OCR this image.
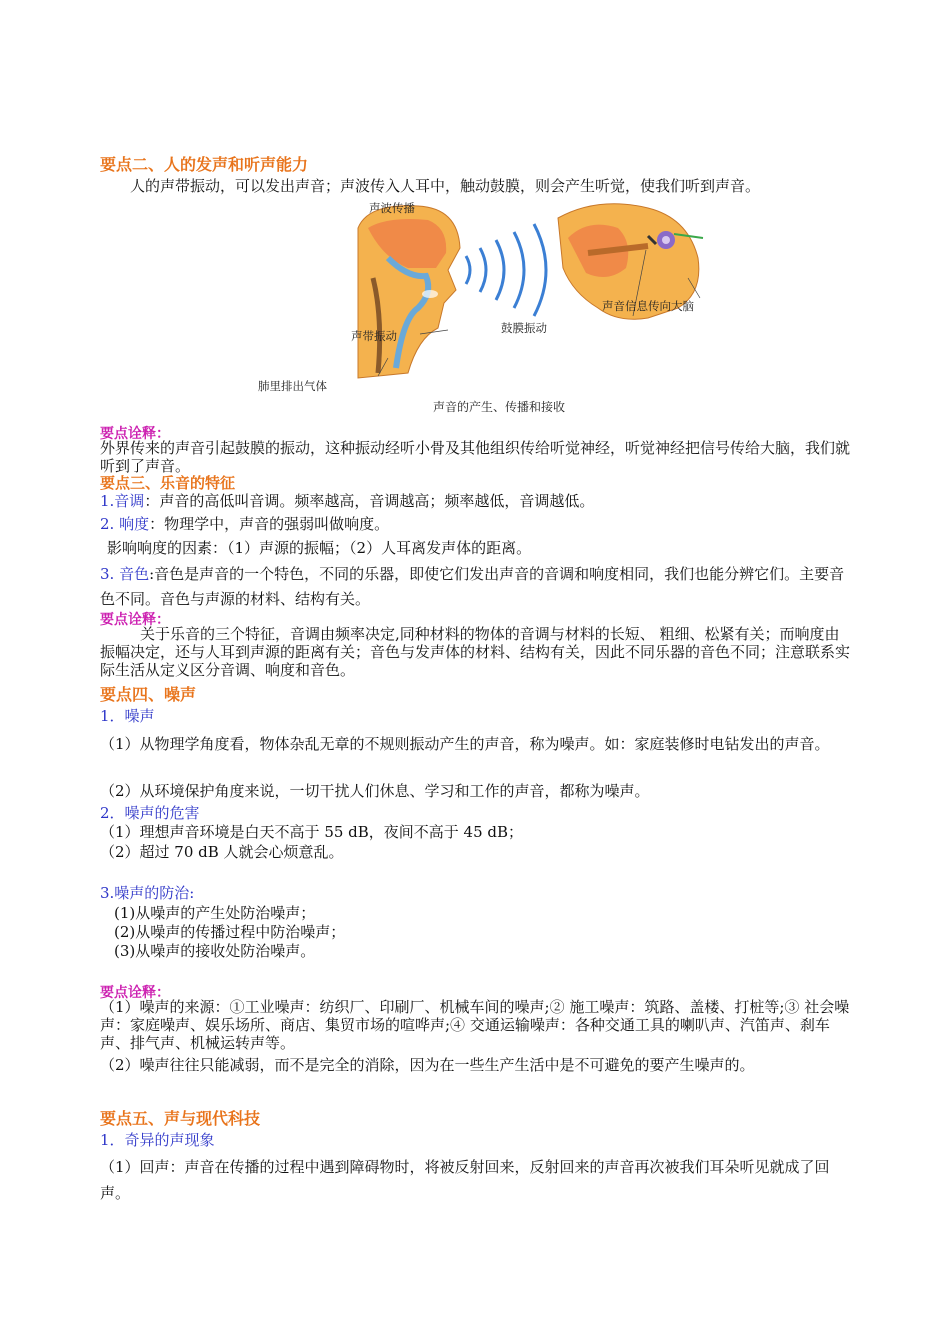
要点二、人的发声和听声能力
人的声带振动，可以发出声音；声波传入人耳中，触动鼓膜，则会产生听觉，使我们听到声音。
声波传播
声带振动
肺里排出气体
鼓膜振动
声音信息传向大脑
声音的产生、传播和接收
要点诠释：
外界传来的声音引起鼓膜的振动，这种振动经听小骨及其他组织传给听觉神经，听觉神经把信号传给大脑，我们就听到了声音。
要点三、乐音的特征
1.音调：声音的高低叫音调。频率越高，音调越高；频率越低，音调越低。
2. 响度：物理学中，声音的强弱叫做响度。
影响响度的因素：（1）声源的振幅；（2）人耳离发声体的距离。
3. 音色:音色是声音的一个特色，不同的乐器，即使它们发出声音的音调和响度相同，我们也能分辨它们。主要音色不同。音色与声源的材料、结构有关。
要点诠释：
关于乐音的三个特征，音调由频率决定,同种材料的物体的音调与材料的长短、 粗细、松紧有关；而响度由振幅决定，还与人耳到声源的距离有关；音色与发声体的材料、结构有关，因此不同乐器的音色不同；注意联系实际生活从定义区分音调、响度和音色。
要点四、噪声
1．噪声
（1）从物理学角度看，物体杂乱无章的不规则振动产生的声音，称为噪声。如：家庭装修时电钻发出的声音。
（2）从环境保护角度来说，一切干扰人们休息、学习和工作的声音，都称为噪声。
2．噪声的危害
（1）理想声音环境是白天不高于 55 dB，夜间不高于 45 dB；
（2）超过 70 dB 人就会心烦意乱。
3.噪声的防治:
(1)从噪声的产生处防治噪声；
(2)从噪声的传播过程中防治噪声；
(3)从噪声的接收处防治噪声。
要点诠释：
（1）噪声的来源：①工业噪声：纺织厂、印刷厂、机械车间的噪声;② 施工噪声：筑路、盖楼、打桩等;③ 社会噪声：家庭噪声、娱乐场所、商店、集贸市场的喧哗声;④ 交通运输噪声：各种交通工具的喇叭声、汽笛声、刹车声、排气声、机械运转声等。
（2）噪声往往只能减弱，而不是完全的消除，因为在一些生产生活中是不可避免的要产生噪声的。
要点五、声与现代科技
1．奇异的声现象
（1）回声：声音在传播的过程中遇到障碍物时，将被反射回来，反射回来的声音再次被我们耳朵听见就成了回声。
